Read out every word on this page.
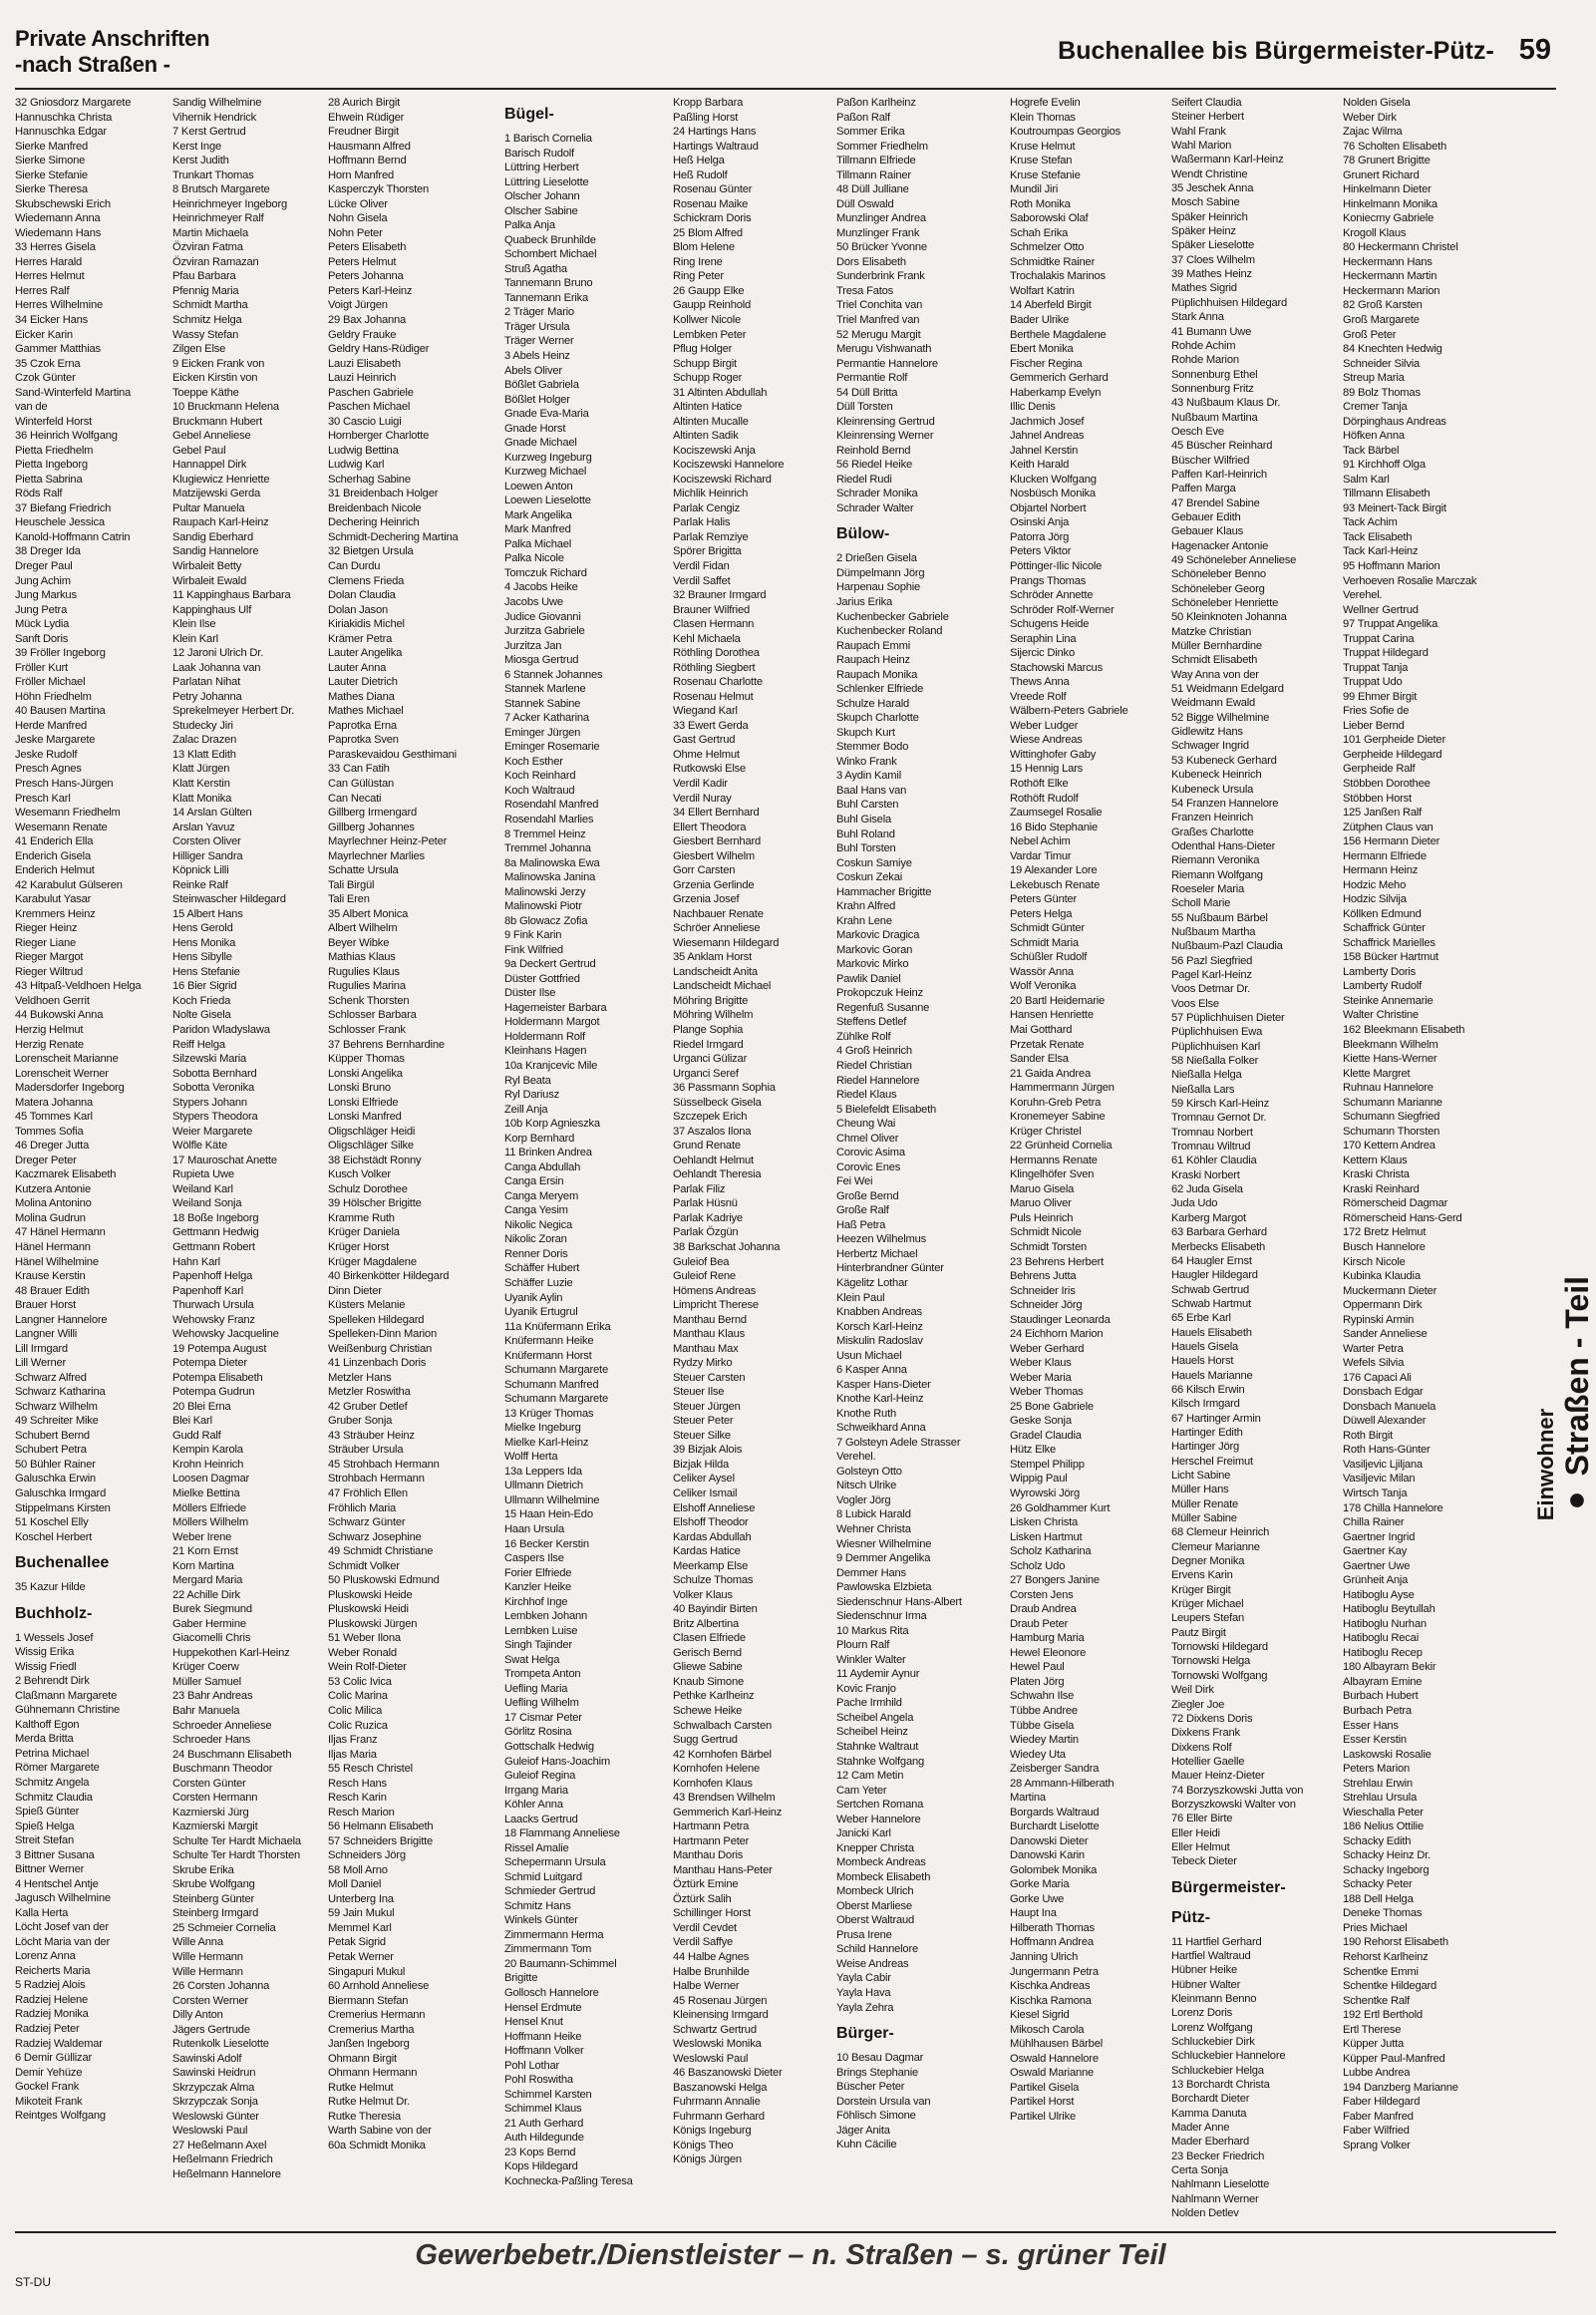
Private Anschriften
-nach Straßen -	Buchenallee bis Bürgermeister-Pütz- 59
32 Gniosdorz Margarete
Hannuschka Christa
Hannuschka Edgar
Sierke Manfred
Sierke Simone
Sierke Stefanie
Sierke Theresa
Skubschewski Erich
Wiedemann Anna
Wiedemann Hans
33 Herres Gisela
Herres Harald
Herres Helmut
Herres Ralf
Herres Wilhelmine
34 Eicker Hans
Eicker Karin
Gammer Matthias
35 Czok Erna
Czok Günter
Sand-Winterfeld Martina
van de
Winterfeld Horst
36 Heinrich Wolfgang
Pietta Friedhelm
Pietta Ingeborg
Pietta Sabrina
Röds Ralf
37 Biefang Friedrich
Heuschele Jessica
Kanold-Hoffmann Catrin
38 Dreger Ida
Dreger Paul
Jung Achim
Jung Markus
Jung Petra
Mück Lydia
Sanft Doris
39 Fröller Ingeborg
Fröller Kurt
Fröller Michael
Höhn Friedhelm
40 Bausen Martina
Herde Manfred
Jeske Margarete
Jeske Rudolf
Presch Agnes
Presch Hans-Jürgen
Presch Karl
Wesemann Friedhelm
Wesemann Renate
41 Enderich Ella
Enderich Gisela
Enderich Helmut
42 Karabulut Gülseren
Karabulut Yasar
Kremmers Heinz
Rieger Heinz
Rieger Liane
Rieger Margot
Rieger Wiltrud
43 Hitpaß-Veldhoen Helga
Veldhoen Gerrit
44 Bukowski Anna
Herzig Helmut
Herzig Renate
Lorenscheit Marianne
Lorenscheit Werner
Madersdorfer Ingeborg
Matera Johanna
45 Tommes Karl
Tommes Sofia
46 Dreger Jutta
Dreger Peter
Kaczmarek Elisabeth
Kutzera Antonie
Molina Antonino
Molina Gudrun
47 Hänel Hermann
Hänel Hermann
Hänel Wilhelmine
Krause Kerstin
48 Brauer Edith
Brauer Horst
Langner Hannelore
Langner Willi
Lill Irmgard
Lill Werner
Schwarz Alfred
Schwarz Katharina
Schwarz Wilhelm
49 Schreiter Mike
Schubert Bernd
Schubert Petra
50 Bühler Rainer
Galuschka Erwin
Galuschka Irmgard
Stippelmans Kirsten
51 Koschel Elly
Koschel Herbert
Buchenallee
35 Kazur Hilde
Buchholz-
1 Wessels Josef
Wissig Erika
Wissig Friedl
2 Behrendt Dirk
Claßmann Margarete
Gühnemann Christine
Kalthoff Egon
Merda Britta
Petrina Michael
Römer Margarete
Schmitz Angela
Schmitz Claudia
Spieß Günter
Spieß Helga
Streit Stefan
3 Bittner Susana
Bittner Werner
4 Hentschel Antje
Jagusch Wilhelmine
Kalla Herta
Löcht Josef van der
Löcht Maria van der
Lorenz Anna
Reicherts Maria
5 Radziej Alois
Radziej Helene
Radziej Monika
Radziej Peter
Radziej Waldemar
6 Demir Güllizar
Demir Yehüze
Gockel Frank
Mikoteit Frank
Reintges Wolfgang
Sandig Wilhelmine
Vihernik Hendrick
7 Kerst Gertrud
Kerst Inge
Kerst Judith
Trunkart Thomas
8 Brutsch Margarete
Heinrichmeyer Ingeborg
Heinrichmeyer Ralf
Martin Michaela
Özviran Fatma
Özviran Ramazan
Pfau Barbara
Pfennig Maria
Schmidt Martha
Schmitz Helga
Wassy Stefan
Zilgen Else
9 Eicken Frank von
Eicken Kirstin von
Toeppe Käthe
10 Bruckmann Helena
Bruckmann Hubert
Gebel Anneliese
Gebel Paul
Hannappel Dirk
Klugiewicz Henriette
Matzijewski Gerda
Pultar Manuela
Raupach Karl-Heinz
Sandig Eberhard
Sandig Hannelore
Wirbaleit Betty
Wirbaleit Ewald
11 Kappinghaus Barbara
Kappinghaus Ulf
Klein Ilse
Klein Karl
12 Jaroni Ulrich Dr.
Laak Johanna van
Parlatan Nihat
Petry Johanna
Sprekelmeyer Herbert Dr.
Studecky Jiri
Zalac Drazen
13 Klatt Edith
Klatt Jürgen
Klatt Kerstin
Klatt Monika
14 Arslan Gülten
Arslan Yavuz
Corsten Oliver
Hilliger Sandra
Köpnick Lilli
Reinke Ralf
Steinwascher Hildegard
15 Albert Hans
Hens Gerold
Hens Monika
Hens Sibylle
Hens Stefanie
16 Bier Sigrid
Koch Frieda
Nolte Gisela
Paridon Wladyslawa
Reiff Helga
Silzewski Maria
Sobotta Bernhard
Sobotta Veronika
Stypers Johann
Stypers Theodora
Weier Margarete
Wölfle Käte
17 Mauroschat Anette
Rupieta Uwe
Weiland Karl
Weiland Sonja
18 Boße Ingeborg
Gettmann Hedwig
Gettmann Robert
Hahn Karl
Papenhoff Helga
Papenhoff Karl
Thurwach Ursula
Wehowsky Franz
Wehowsky Jacqueline
19 Potempa August
Potempa Dieter
Potempa Elisabeth
Potempa Gudrun
20 Blei Erna
Blei Karl
Gudd Ralf
Kempin Karola
Krohn Heinrich
Loosen Dagmar
Mielke Bettina
Möllers Elfriede
Möllers Wilhelm
Weber Irene
21 Korn Ernst
Korn Martina
Mergard Maria
22 Achille Dirk
Burek Siegmund
Gaber Hermine
Giacomelli Chris
Huppekothen Karl-Heinz
Krüger Coerw
Müller Samuel
23 Bahr Andreas
Bahr Manuela
Schroeder Anneliese
Schroeder Hans
24 Buschmann Elisabeth
Buschmann Theodor
Corsten Günter
Corsten Hermann
Kazmierski Jürg
Kazmierski Margit
Schulte Ter Hardt Michaela
Schulte Ter Hardt Thorsten
Skrube Erika
Skrube Wolfgang
Steinberg Günter
Steinberg Irmgard
25 Schmeier Cornelia
Wille Anna
Wille Hermann
Wille Hermann
26 Corsten Johanna
Corsten Werner
Dilly Anton
Jägers Gertrude
Rutenkolk Lieselotte
Sawinski Adolf
Sawinski Heidrun
Skrzypczak Alma
Skrzypczak Sonja
Weslowski Günter
Weslowski Paul
27 Heßelmann Axel
Heßelmann Friedrich
Heßelmann Hannelore
28 Aurich Birgit
Ehwein Rüdiger
Freudner Birgit
Hausmann Alfred
Hoffmann Bernd
Horn Manfred
Kasperczyk Thorsten
Lücke Oliver
Nohn Gisela
Nohn Peter
Peters Elisabeth
Peters Helmut
Peters Johanna
Peters Karl-Heinz
Voigt Jürgen
29 Bax Johanna
Geldry Frauke
Geldry Hans-Rüdiger
Lauzi Elisabeth
Lauzi Heinrich
Paschen Gabriele
Paschen Michael
30 Cascio Luigi
Hornberger Charlotte
Ludwig Bettina
Ludwig Karl
Scherhag Sabine
31 Breidenbach Holger
Breidenbach Nicole
Dechering Heinrich
Schmidt-Dechering Martina
32 Bietgen Ursula
Can Durdu
Clemens Frieda
Dolan Claudia
Dolan Jason
Kiriakidis Michel
Krämer Petra
Lauter Angelika
Lauter Anna
Lauter Dietrich
Mathes Diana
Mathes Michael
Paprotka Erna
Paprotka Sven
Paraskevaidou Gesthimani
33 Can Fatih
Can Gülüstan
Can Necati
Gillberg Irmengard
Gillberg Johannes
Mayrlechner Heinz-Peter
Mayrlechner Marlies
Schatte Ursula
Tali Birgül
Tali Eren
35 Albert Monica
Albert Wilhelm
Beyer Wibke
Mathias Klaus
Rugulies Klaus
Rugulies Marina
Schenk Thorsten
Schlosser Barbara
Schlosser Frank
37 Behrens Bernhardine
Küpper Thomas
Lonski Angelika
Lonski Bruno
Lonski Elfriede
Lonski Manfred
Oligschläger Heidi
Oligschläger Silke
38 Eichstädt Ronny
Kusch Volker
Schulz Dorothee
39 Hölscher Brigitte
Kramme Ruth
Krüger Daniela
Krüger Horst
Krüger Magdalene
40 Birkenkötter Hildegard
Dinn Dieter
Küsters Melanie
Spelleken Hildegard
Spelleken-Dinn Marion
Weißenburg Christian
41 Linzenbach Doris
Metzler Hans
Metzler Roswitha
42 Gruber Detlef
Gruber Sonja
43 Sträuber Heinz
Sträuber Ursula
45 Strohbach Hermann
Strohbach Hermann
47 Fröhlich Ellen
Fröhlich Maria
Schwarz Günter
Schwarz Josephine
49 Schmidt Christiane
Schmidt Volker
50 Pluskowski Edmund
Pluskowski Heide
Pluskowski Heidi
Pluskowski Jürgen
51 Weber Ilona
Weber Ronald
Wein Rolf-Dieter
53 Colic Ivica
Colic Marina
Colic Milica
Colic Ruzica
Iljas Franz
Iljas Maria
55 Resch Christel
Resch Hans
Resch Karin
Resch Marion
56 Helmann Elisabeth
57 Schneiders Brigitte
Schneiders Jörg
58 Moll Arno
Moll Daniel
Unterberg Ina
59 Jain Mukul
Memmel Karl
Petak Sigrid
Petak Werner
Singapuri Mukul
60 Arnhold Anneliese
Biermann Stefan
Cremerius Hermann
Cremerius Martha
Janßen Ingeborg
Ohmann Birgit
Ohmann Hermann
Rutke Helmut
Rutke Helmut Dr.
Rutke Theresia
Warth Sabine von der
60a Schmidt Monika
Bügel-
1 Barisch Cornelia
Barisch Rudolf
Lüttring Herbert
Lüttring Lieselotte
Olscher Johann
Olscher Sabine
Palka Anja
Quabeck Brunhilde
Schombert Michael
Struß Agatha
Tannemann Bruno
Tannemann Erika
2 Träger Mario
Träger Ursula
Träger Werner
3 Abels Heinz
Abels Oliver
Bößlet Gabriela
Bößlet Holger
Gnade Eva-Maria
Gnade Horst
Gnade Michael
Kurzweg Ingeburg
Kurzweg Michael
Loewen Anton
Loewen Lieselotte
Mark Angelika
Mark Manfred
Palka Michael
Palka Nicole
Tomczuk Richard
4 Jacobs Heike
Jacobs Uwe
Judice Giovanni
Jurzitza Gabriele
Jurzitza Jan
Miosga Gertrud
6 Stannek Johannes
Stannek Marlene
Stannek Sabine
7 Acker Katharina
Eminger Jürgen
Eminger Rosemarie
Koch Esther
Koch Reinhard
Koch Waltraud
Rosendahl Manfred
Rosendahl Marlies
8 Tremmel Heinz
Tremmel Johanna
8a Malinowska Ewa
Malinowska Janina
Malinowski Jerzy
Malinowski Piotr
8b Glowacz Zofia
9 Fink Karin
Fink Wilfried
9a Deckert Gertrud
Düster Gottfried
Düster Ilse
Hagemeister Barbara
Holdermann Margot
Holdermann Rolf
Kleinhans Hagen
10a Kranjcevic Mile
Ryl Beata
Ryl Dariusz
Zeill Anja
10b Korp Agnieszka
Korp Bernhard
11 Brinken Andrea
Canga Abdullah
Canga Ersin
Canga Meryem
Canga Yesim
Nikolic Negica
Nikolic Zoran
Renner Doris
Schäffer Hubert
Schäffer Luzie
Uyanik Aylin
Uyanik Ertugrul
11a Knüfermann Erika
Knüfermann Heike
Knüfermann Horst
Schumann Margarete
Schumann Manfred
Schumann Margarete
13 Krüger Thomas
Mielke Ingeburg
Mielke Karl-Heinz
Wolff Herta
13a Leppers Ida
Ullmann Dietrich
Ullmann Wilhelmine
15 Haan Hein-Edo
Haan Ursula
16 Becker Kerstin
Caspers Ilse
Forier Elfriede
Kanzler Heike
Kirchhof Inge
Lembken Johann
Lembken Luise
Singh Tajinder
Swat Helga
Trompeta Anton
Uefling Maria
Uefling Wilhelm
17 Cismar Peter
Görlitz Rosina
Gottschalk Hedwig
Guleiof Hans-Joachim
Guleiof Regina
Irrgang Maria
Köhler Anna
Laacks Gertrud
18 Flammang Anneliese
Rissel Amalie
Schepermann Ursula
Schmid Luitgard
Schmieder Gertrud
Schmitz Hans
Winkels Günter
Zimmermann Herma
Zimmermann Tom
20 Baumann-Schimmel
Brigitte
Gollosch Hannelore
Hensel Erdmute
Hensel Knut
Hoffmann Heike
Hoffmann Volker
Pohl Lothar
Pohl Roswitha
Schimmel Karsten
Schimmel Klaus
21 Auth Gerhard
Auth Hildegunde
23 Kops Bernd
Kops Hildegard
Kochnecka-Paßling Teresa
Kropp Barbara
Paßling Horst
24 Hartings Hans
Hartings Waltraud
Heß Helga
Heß Rudolf
Rosenau Günter
Rosenau Maike
Schickram Doris
25 Blom Alfred
Blom Helene
Ring Irene
Ring Peter
26 Gaupp Elke
Gaupp Reinhold
Kollwer Nicole
Lembken Peter
Pflug Holger
Schupp Birgit
Schupp Roger
31 Altinten Abdullah
Altinten Hatice
Altinten Mucalle
Altinten Sadik
Kociszewski Anja
Kociszewski Hannelore
Kociszewski Richard
Michlik Heinrich
Parlak Cengiz
Parlak Halis
Parlak Remziye
Spörer Brigitta
Verdil Fidan
Verdil Saffet
32 Brauner Irmgard
Brauner Wilfried
Clasen Hermann
Kehl Michaela
Röthling Dorothea
Röthling Siegbert
Rosenau Charlotte
Rosenau Helmut
Wiegand Karl
33 Ewert Gerda
Gast Gertrud
Ohme Helmut
Rutkowski Else
Verdil Kadir
Verdil Nuray
34 Ellert Bernhard
Ellert Theodora
Giesbert Bernhard
Giesbert Wilhelm
Gorr Carsten
Grzenia Gerlinde
Grzenia Josef
Nachbauer Renate
Schröer Anneliese
Wiesemann Hildegard
35 Anklam Horst
Landscheidt Anita
Landscheidt Michael
Möhring Brigitte
Möhring Wilhelm
Plange Sophia
Riedel Irmgard
Urganci Gülizar
Urganci Seref
36 Passmann Sophia
Süsselbeck Gisela
Szczepek Erich
37 Aszalos Ilona
Grund Renate
Oehlandt Helmut
Oehlandt Theresia
Parlak Filiz
Parlak Hüsnü
Parlak Kadriye
Parlak Özgün
38 Barkschat Johanna
Guleiof Bea
Guleiof Rene
Hömens Andreas
Limpricht Therese
Manthau Bernd
Manthau Klaus
Manthau Max
Rydzy Mirko
Steuer Carsten
Steuer Ilse
Steuer Jürgen
Steuer Peter
Steuer Silke
39 Bizjak Alois
Bizjak Hilda
Celiker Aysel
Celiker Ismail
Elshoff Anneliese
Elshoff Theodor
Kardas Abdullah
Kardas Hatice
Meerkamp Else
Schulze Thomas
Volker Klaus
40 Bayindir Birten
Britz Albertina
Clasen Elfriede
Gerisch Bernd
Gliewe Sabine
Knaub Simone
Pethke Karlheinz
Schewe Heike
Schwalbach Carsten
Sugg Gertrud
42 Kornhofen Bärbel
Kornhofen Helene
Kornhofen Klaus
43 Brendsen Wilhelm
Gemmerich Karl-Heinz
Hartmann Petra
Hartmann Peter
Manthau Doris
Manthau Hans-Peter
Öztürk Emine
Öztürk Salih
Schillinger Horst
Verdil Cevdet
Verdil Saffye
44 Halbe Agnes
Halbe Brunhilde
Halbe Werner
45 Rosenau Jürgen
Kleinensing Irmgard
Schwartz Gertrud
Weslowski Monika
Weslowski Paul
46 Baszanowski Dieter
Baszanowski Helga
Fuhrmann Annalie
Fuhrmann Gerhard
Königs Ingeburg
Königs Theo
Königs Jürgen
Paßon Karlheinz
Paßon Ralf
Sommer Erika
Sommer Friedhelm
Tillmann Elfriede
Tillmann Rainer
48 Düll Julliane
Düll Oswald
Munzlinger Andrea
Munzlinger Frank
50 Brücker Yvonne
Dors Elisabeth
Sunderbrink Frank
Tresa Fatos
Triel Conchita van
Triel Manfred van
52 Merugu Margit
Merugu Vishwanath
Permantie Hannelore
Permantie Rolf
54 Düll Britta
Düll Torsten
Kleinrensing Gertrud
Kleinrensing Werner
Reinhold Bernd
56 Riedel Heike
Riedel Rudi
Schrader Monika
Schrader Walter
Bülow-
2 Drießen Gisela
Dümpelmann Jörg
Harpenau Sophie
Jarius Erika
Kuchenbecker Gabriele
Kuchenbecker Roland
Raupach Emmi
Raupach Heinz
Raupach Monika
Schlenker Elfriede
Schulze Harald
Skupch Charlotte
Skupch Kurt
Stemmer Bodo
Winko Frank
3 Aydin Kamil
Baal Hans van
Buhl Carsten
Buhl Gisela
Buhl Roland
Buhl Torsten
Coskun Samiye
Coskun Zekai
Hammacher Brigitte
Krahn Alfred
Krahn Lene
Markovic Dragica
Markovic Goran
Markovic Mirko
Pawlik Daniel
Prokopczuk Heinz
Regenfuß Susanne
Steffens Detlef
Zühlke Rolf
4 Groß Heinrich
Riedel Christian
Riedel Hannelore
Riedel Klaus
5 Bielefeldt Elisabeth
Cheung Wai
Chmel Oliver
Corovic Asima
Corovic Enes
Fei Wei
Große Bernd
Große Ralf
Haß Petra
Heezen Wilhelmus
Herbertz Michael
Hinterbrandner Günter
Kägelitz Lothar
Klein Paul
Knabben Andreas
Korsch Karl-Heinz
Miskulin Radoslav
Usun Michael
6 Kasper Anna
Kasper Hans-Dieter
Knothe Karl-Heinz
Knothe Ruth
Schweikhard Anna
7 Golsteyn Adele Strasser
Verehel.
Golsteyn Otto
Nitsch Ulrike
Vogler Jörg
8 Lubick Harald
Wehner Christa
Wiesner Wilhelmine
9 Demmer Angelika
Demmer Hans
Pawlowska Elzbieta
Siedenschnur Hans-Albert
Siedenschnur Irma
10 Markus Rita
Plourn Ralf
Winkler Walter
11 Aydemir Aynur
Kovic Franjo
Pache Irmhild
Scheibel Angela
Scheibel Heinz
Stahnke Waltraut
Stahnke Wolfgang
12 Cam Metin
Cam Yeter
Sertchen Romana
Weber Hannelore
Janicki Karl
Knepper Christa
Mombeck Andreas
Mombeck Elisabeth
Mombeck Ulrich
Oberst Marliese
Oberst Waltraud
Prusa Irene
Schild Hannelore
Weise Andreas
Yayla Cabir
Yayla Hava
Yayla Zehra
Bürger-
10 Besau Dagmar
Brings Stephanie
Büscher Peter
Dorstein Ursula van
Föhlisch Simone
Jäger Anita
Kuhn Cäcilie
Hogrefe Evelin
Klein Thomas
Koutroumpas Georgios
Kruse Helmut
Kruse Stefan
Kruse Stefanie
Mundil Jiri
Roth Monika
Saborowski Olaf
Schah Erika
Schmelzer Otto
Schmidtke Rainer
Trochalakis Marinos
Wolfart Katrin
14 Aberfeld Birgit
Bader Ulrike
Berthele Magdalene
Ebert Monika
Fischer Regina
Gemmerich Gerhard
Haberkamp Evelyn
Illic Denis
Jachmich Josef
Jahnel Andreas
Jahnel Kerstin
Keith Harald
Klucken Wolfgang
Nosbüsch Monika
Objartel Norbert
Osinski Anja
Patorra Jörg
Peters Viktor
Pöttinger-Ilic Nicole
Prangs Thomas
Schröder Annette
Schröder Rolf-Werner
Schugens Heide
Seraphin Lina
Sijercic Dinko
Stachowski Marcus
Thews Anna
Vreede Rolf
Wälbern-Peters Gabriele
Weber Ludger
Wiese Andreas
Wittinghofer Gaby
15 Hennig Lars
Rothöft Elke
Rothöft Rudolf
Zaumsegel Rosalie
16 Bido Stephanie
Nebel Achim
Vardar Timur
19 Alexander Lore
Lekebusch Renate
Peters Günter
Peters Helga
Schmidt Günter
Schmidt Maria
Schüßler Rudolf
Wassör Anna
Wolf Veronika
20 Bartl Heidemarie
Hansen Henriette
Mai Gotthard
Przetak Renate
Sander Elsa
21 Gaida Andrea
Hammermann Jürgen
Koruhn-Greb Petra
Kronemeyer Sabine
Krüger Christel
22 Grünheid Cornelia
Hermanns Renate
Klingelhöfer Sven
Maruo Gisela
Maruo Oliver
Puls Heinrich
Schmidt Nicole
Schmidt Torsten
23 Behrens Herbert
Behrens Jutta
Schneider Iris
Schneider Jörg
Staudinger Leonarda
24 Eichhorn Marion
Weber Gerhard
Weber Klaus
Weber Maria
Weber Thomas
25 Bone Gabriele
Geske Sonja
Gradel Claudia
Hütz Elke
Stempel Philipp
Wippig Paul
Wyrowski Jörg
26 Goldhammer Kurt
Lisken Christa
Lisken Hartmut
Scholz Katharina
Scholz Udo
27 Bongers Janine
Corsten Jens
Draub Andrea
Draub Peter
Hamburg Maria
Hewel Eleonore
Hewel Paul
Platen Jörg
Schwahn Ilse
Tübbe Andree
Tübbe Gisela
Wiedey Martin
Wiedey Uta
Zeisberger Sandra
28 Ammann-Hilberath
Martina
Borgards Waltraud
Burchardt Liselotte
Danowski Dieter
Danowski Karin
Golombek Monika
Gorke Maria
Gorke Uwe
Haupt Ina
Hilberath Thomas
Hoffmann Andrea
Janning Ulrich
Jungermann Petra
Kischka Andreas
Kischka Ramona
Kiesel Sigrid
Mikosch Carola
Mühlhausen Bärbel
Oswald Hannelore
Oswald Marianne
Partikel Gisela
Partikel Horst
Partikel Ulrike
Seifert Claudia
Steiner Herbert
Wahl Frank
Wahl Marion
Waßermann Karl-Heinz
Wendt Christine
35 Jeschek Anna
Mosch Sabine
Späker Heinrich
Späker Heinz
Späker Lieselotte
37 Cloes Wilhelm
39 Mathes Heinz
Mathes Sigrid
Püplichhuisen Hildegard
Stark Anna
41 Bumann Uwe
Rohde Achim
Rohde Marion
Sonnenburg Ethel
Sonnenburg Fritz
43 Nußbaum Klaus Dr.
Nußbaum Martina
Oesch Eve
45 Büscher Reinhard
Büscher Wilfried
Paffen Karl-Heinrich
Paffen Marga
47 Brendel Sabine
Gebauer Edith
Gebauer Klaus
Hagenacker Antonie
49 Schöneleber Anneliese
Schöneleber Benno
Schöneleber Georg
Schöneleber Henriette
50 Kleinknoten Johanna
Matzke Christian
Müller Bernhardine
Schmidt Elisabeth
Way Anna von der
51 Weidmann Edelgard
Weidmann Ewald
52 Bigge Wilhelmine
Gidlewitz Hans
Schwager Ingrid
53 Kubeneck Gerhard
Kubeneck Heinrich
Kubeneck Ursula
54 Franzen Hannelore
Franzen Heinrich
Graßes Charlotte
Odenthal Hans-Dieter
Riemann Veronika
Riemann Wolfgang
Roeseler Maria
Scholl Marie
55 Nußbaum Bärbel
Nußbaum Martha
Nußbaum-Pazl Claudia
56 Pazl Siegfried
Pagel Karl-Heinz
Voos Detmar Dr.
Voos Else
57 Püplichhuisen Dieter
Püplichhuisen Ewa
Püplichhuisen Karl
58 Nießalla Folker
Nießalla Helga
Nießalla Lars
59 Kirsch Karl-Heinz
Tromnau Gernot Dr.
Tromnau Norbert
Tromnau Wiltrud
61 Köhler Claudia
Kraski Norbert
62 Juda Gisela
Juda Udo
Karberg Margot
63 Barbara Gerhard
Merbecks Elisabeth
64 Haugler Ernst
Haugler Hildegard
Schwab Gertrud
Schwab Hartmut
65 Erbe Karl
Hauels Elisabeth
Hauels Gisela
Hauels Horst
Hauels Marianne
66 Kilsch Erwin
Kilsch Irmgard
67 Hartinger Armin
Hartinger Edith
Hartinger Jörg
Herschel Freimut
Licht Sabine
Müller Hans
Müller Renate
Müller Sabine
68 Clemeur Heinrich
Clemeur Marianne
Degner Monika
Ervens Karin
Krüger Birgit
Krüger Michael
Leupers Stefan
Pautz Birgit
Tornowski Hildegard
Tornowski Helga
Tornowski Wolfgang
Weil Dirk
Ziegler Joe
72 Dixkens Doris
Dixkens Frank
Dixkens Rolf
Hotellier Gaelle
Mauer Heinz-Dieter
74 Borzyszkowski Jutta von
Borzyszkowski Walter von
76 Eller Birte
Eller Heidi
Eller Helmut
Tebeck Dieter
Bürgermeister-
Pütz-
11 Hartfiel Gerhard
Hartfiel Waltraud
Hübner Heike
Hübner Walter
Kleinmann Benno
Lorenz Doris
Lorenz Wolfgang
Schluckebier Dirk
Schluckebier Hannelore
Schluckebier Helga
13 Borchardt Christa
Borchardt Dieter
Kamma Danuta
Mader Anne
Mader Eberhard
23 Becker Friedrich
Certa Sonja
Nahlmann Lieselotte
Nahlmann Werner
Nolden Detlev
Nolden Gisela
Weber Dirk
Zajac Wilma
76 Scholten Elisabeth
78 Grunert Brigitte
Grunert Richard
Hinkelmann Dieter
Hinkelmann Monika
Koniecmy Gabriele
Krogoll Klaus
80 Heckermann Christel
Heckermann Hans
Heckermann Martin
Heckermann Marion
82 Groß Karsten
Groß Margarete
Groß Peter
84 Knechten Hedwig
Schneider Silvia
Streup Maria
89 Bolz Thomas
Cremer Tanja
Dörpinghaus Andreas
Höfken Anna
Tack Bärbel
91 Kirchhoff Olga
Salm Karl
Tillmann Elisabeth
93 Meinert-Tack Birgit
Tack Achim
Tack Elisabeth
Tack Karl-Heinz
95 Hoffmann Marion
Verhoeven Rosalie Marczak
Verehel.
Wellner Gertrud
97 Truppat Angelika
Truppat Carina
Truppat Hildegard
Truppat Tanja
Truppat Udo
99 Ehmer Birgit
Fries Sofie de
Lieber Bernd
101 Gerpheide Dieter
Gerpheide Hildegard
Gerpheide Ralf
Stöbben Dorothee
Stöbben Horst
125 Janßen Ralf
Zütphen Claus van
156 Hermann Dieter
Hermann Elfriede
Hermann Heinz
Hodzic Meho
Hodzic Silvija
Köllken Edmund
Schaffrick Günter
Schaffrick Marielles
158 Bücker Hartmut
Lamberty Doris
Lamberty Rudolf
Steinke Annemarie
Walter Christine
162 Bleekmann Elisabeth
Bleekmann Wilhelm
Kiette Hans-Werner
Klette Margret
Ruhnau Hannelore
Schumann Marianne
Schumann Siegfried
Schumann Thorsten
170 Kettern Andrea
Kettern Klaus
Kraski Christa
Kraski Reinhard
Römerscheid Dagmar
Römerscheid Hans-Gerd
172 Bretz Helmut
Busch Hannelore
Kirsch Nicole
Kubinka Klaudia
Muckermann Dieter
Oppermann Dirk
Rypinski Armin
Sander Anneliese
Warter Petra
Wefels Silvia
176 Capaci Ali
Donsbach Edgar
Donsbach Manuela
Düwell Alexander
Roth Birgit
Roth Hans-Günter
Vasiljevic Ljiljana
Vasiljevic Milan
Wirtsch Tanja
178 Chilla Hannelore
Chilla Rainer
Gaertner Ingrid
Gaertner Kay
Gaertner Uwe
Grünheit Anja
Hatiboglu Ayse
Hatiboglu Beytullah
Hatiboglu Nurhan
Hatiboglu Recai
Hatiboglu Recep
180 Albayram Bekir
Albayram Emine
Burbach Hubert
Burbach Petra
Esser Hans
Esser Kerstin
Laskowski Rosalie
Peters Marion
Strehlau Erwin
Strehlau Ursula
Wieschalla Peter
186 Nelius Ottilie
Schacky Edith
Schacky Heinz Dr.
Schacky Ingeborg
Schacky Peter
188 Dell Helga
Deneke Thomas
Pries Michael
190 Rehorst Elisabeth
Rehorst Karlheinz
Schentke Emmi
Schentke Hildegard
Schentke Ralf
192 Ertl Berthold
Ertl Therese
Küpper Jutta
Küpper Paul-Manfred
Lubbe Andrea
194 Danzberg Marianne
Faber Hildegard
Faber Manfred
Faber Wilfried
Sprang Volker
Einwohner ● Straßen - Teil
Gewerbebetr./Dienstleister – n. Straßen – s. grüner Teil
ST-DU
